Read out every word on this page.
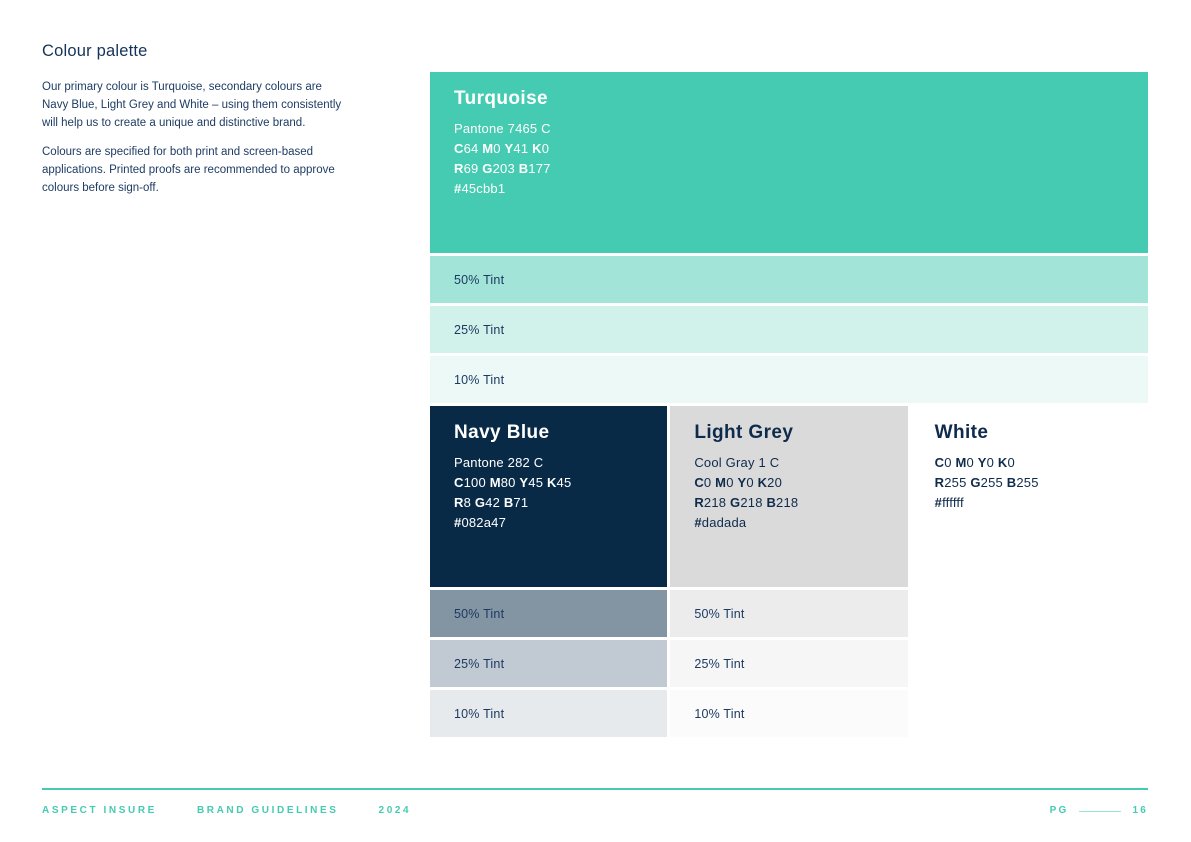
Colour palette

Our primary colour is Turquoise, secondary colours are Navy Blue, Light Grey and White – using them consistently will help us to create a unique and distinctive brand.

Colours are specified for both print and screen-based applications. Printed proofs are recommended to approve colours before sign-off.

Turquoise
Pantone 7465 C
C64 M0 Y41 K0
R69 G203 B177
#45cbb1
50% Tint
25% Tint
10% Tint
Navy Blue
Pantone 282 C
C100 M80 Y45 K45
R8 G42 B71
#082a47
50% Tint
25% Tint
10% Tint
Light Grey
Cool Gray 1 C
C0 M0 Y0 K20
R218 G218 B218
#dadada
50% Tint
25% Tint
10% Tint
White
C0 M0 Y0 K0
R255 G255 B255
#ffffff
ASPECT INSURE	BRAND GUIDELINES	2024	PG	16
